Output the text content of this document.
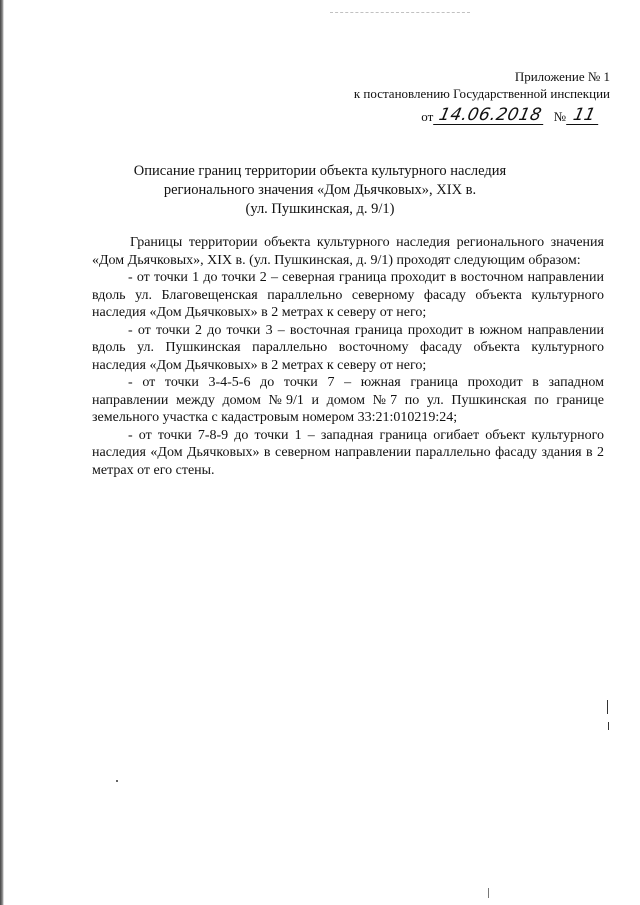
Приложение № 1
к постановлению Государственной инспекции
от 14.06.2018 № 11
Описание границ территории объекта культурного наследия
регионального значения «Дом Дьячковых», XIX в.
(ул. Пушкинская, д. 9/1)

Границы территории объекта культурного наследия регионального значения «Дом Дьячковых», XIX в. (ул. Пушкинская, д. 9/1) проходят следующим образом:

- от точки 1 до точки 2 – северная граница проходит в восточном направлении вдоль ул. Благовещенская параллельно северному фасаду объекта культурного наследия «Дом Дьячковых» в 2 метрах к северу от него;

- от точки 2 до точки 3 – восточная граница проходит в южном направлении вдоль ул. Пушкинская параллельно восточному фасаду объекта культурного наследия «Дом Дьячковых» в 2 метрах к северу от него;

- от точки 3-4-5-6 до точки 7 – южная граница проходит в западном направлении между домом №9/1 и домом №7 по ул. Пушкинская по границе земельного участка с кадастровым номером 33:21:010219:24;

- от точки 7-8-9 до точки 1 – западная граница огибает объект культурного наследия «Дом Дьячковых» в северном направлении параллельно фасаду здания в 2 метрах от его стены.
